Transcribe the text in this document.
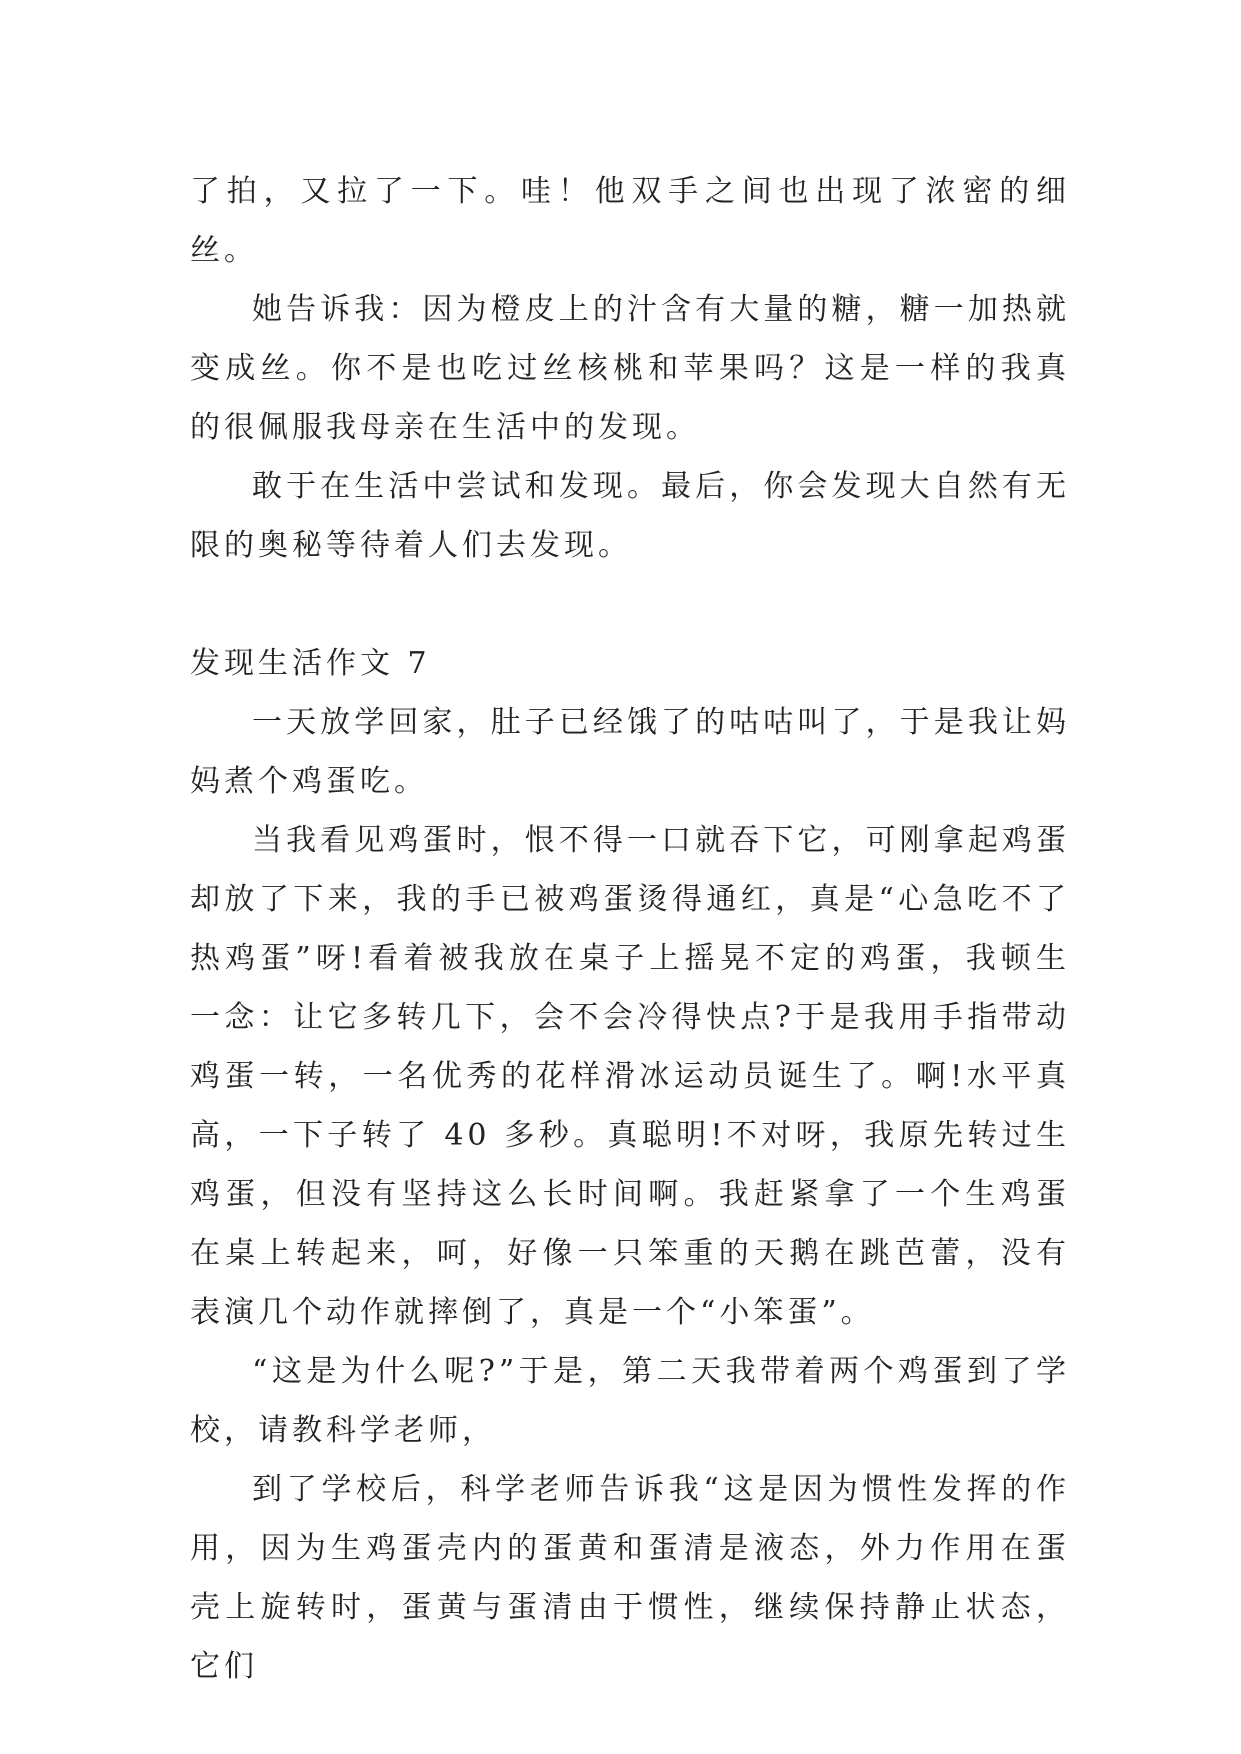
了拍，又拉了一下。哇！他双手之间也出现了浓密的细丝。

她告诉我：因为橙皮上的汁含有大量的糖，糖一加热就变成丝。你不是也吃过丝核桃和苹果吗？这是一样的我真的很佩服我母亲在生活中的发现。

敢于在生活中尝试和发现。最后，你会发现大自然有无限的奥秘等待着人们去发现。

发现生活作文 7

一天放学回家，肚子已经饿了的咕咕叫了，于是我让妈妈煮个鸡蛋吃。

当我看见鸡蛋时，恨不得一口就吞下它，可刚拿起鸡蛋却放了下来，我的手已被鸡蛋烫得通红，真是“心急吃不了热鸡蛋”呀!看着被我放在桌子上摇晃不定的鸡蛋，我顿生一念：让它多转几下，会不会冷得快点?于是我用手指带动鸡蛋一转，一名优秀的花样滑冰运动员诞生了。啊!水平真高，一下子转了 40 多秒。真聪明!不对呀，我原先转过生鸡蛋，但没有坚持这么长时间啊。我赶紧拿了一个生鸡蛋在桌上转起来，呵，好像一只笨重的天鹅在跳芭蕾，没有表演几个动作就摔倒了，真是一个“小笨蛋”。

“这是为什么呢?”于是，第二天我带着两个鸡蛋到了学校，请教科学老师，

到了学校后，科学老师告诉我“这是因为惯性发挥的作用，因为生鸡蛋壳内的蛋黄和蛋清是液态，外力作用在蛋壳上旋转时，蛋黄与蛋清由于惯性，继续保持静止状态，它们
